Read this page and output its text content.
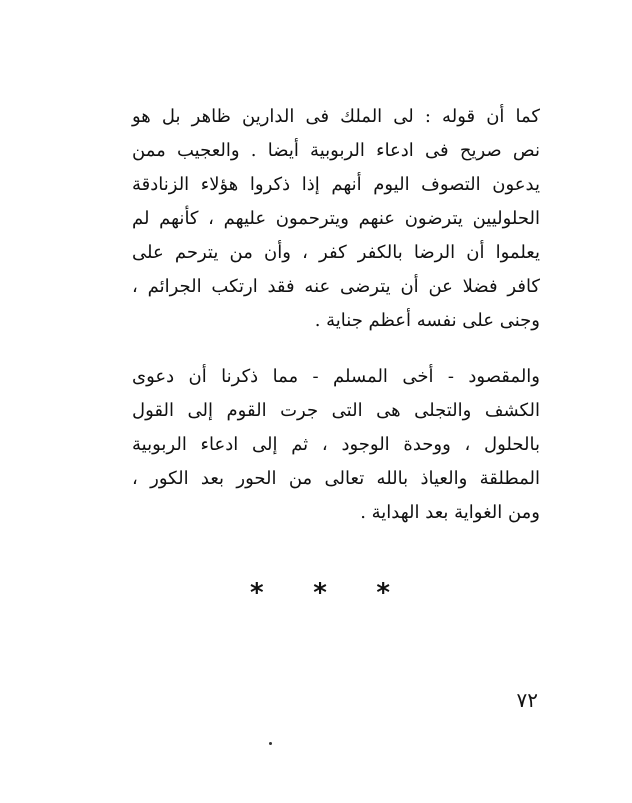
كما أن قوله : لى الملك فى الدارين ظاهر بل هو
نص صريح فى ادعاء الربوبية أيضا . والعجيب ممن
يدعون التصوف اليوم أنهم إذا ذكروا هؤلاء الزنادقة
الحلوليين يترضون عنهم ويترحمون عليهم ، كأنهم لم
يعلموا أن الرضا بالكفر كفر ، وأن من يترحم على
كافر فضلا عن أن يترضى عنه فقد ارتكب الجرائم ،
وجنى على نفسه أعظم جناية .
والمقصود - أخى المسلم - مما ذكرنا أن دعوى
الكشف والتجلى هى التى جرت القوم إلى القول
بالحلول ، ووحدة الوجود ، ثم إلى ادعاء الربوبية
المطلقة والعياذ بالله تعالى من الحور بعد الكور ،
ومن الغواية بعد الهداية .
* * *
٧٢
